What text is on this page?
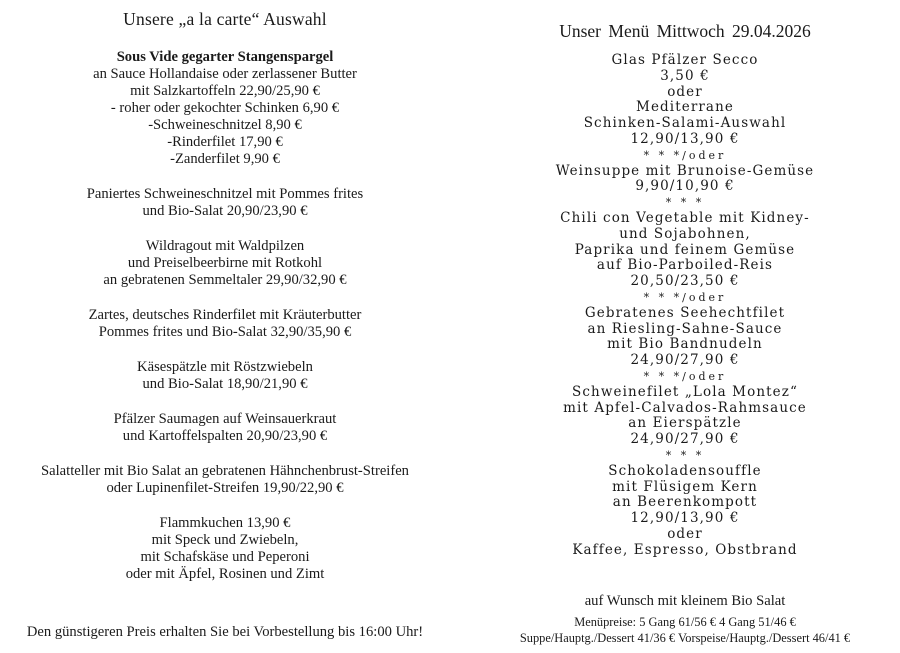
Unsere „a la carte“ Auswahl
Sous Vide gegarter Stangenspargel
an Sauce Hollandaise oder zerlassener Butter
mit Salzkartoffeln 22,90/25,90 €
- roher oder gekochter Schinken 6,90 €
-Schweineschnitzel 8,90 €
-Rinderfilet 17,90 €
-Zanderfilet 9,90 €
Paniertes Schweineschnitzel mit Pommes frites
und Bio-Salat 20,90/23,90 €
Wildragout mit Waldpilzen
und Preiselbeerbirne mit Rotkohl
an gebratenen Semmeltaler 29,90/32,90 €
Zartes, deutsches Rinderfilet mit Kräuterbutter
Pommes frites und Bio-Salat 32,90/35,90 €
Käsespätzle mit Röstzwiebeln
und Bio-Salat 18,90/21,90 €
Pfälzer Saumagen auf Weinsauerkraut
und Kartoffelspalten 20,90/23,90 €
Salatteller mit Bio Salat an gebratenen Hähnchenbrust-Streifen
oder Lupinenfilet-Streifen 19,90/22,90 €
Flammkuchen 13,90 €
mit Speck und Zwiebeln,
mit Schafskäse und Peperoni
oder mit Äpfel, Rosinen und Zimt
Den günstigeren Preis erhalten Sie bei Vorbestellung bis 16:00 Uhr!
Unser Menü Mittwoch 29.04.2026
Glas Pfälzer Secco
3,50 €
oder
Mediterrane
Schinken-Salami-Auswahl
12,90/13,90 €
* * */oder
Weinsuppe mit Brunoise-Gemüse
9,90/10,90 €
* * *
Chili con Vegetable mit Kidney-
und Sojabohnen,
Paprika und feinem Gemüse
auf Bio-Parboiled-Reis
20,50/23,50 €
* * */oder
Gebratenes Seehechtfilet
an Riesling-Sahne-Sauce
mit Bio Bandnudeln
24,90/27,90 €
* * */oder
Schweinefilet „Lola Montez“
mit Apfel-Calvados-Rahmsauce
an Eierspätzle
24,90/27,90 €
* * *
Schokoladensouffle
mit Flüsigem Kern
an Beerenkompott
12,90/13,90 €
oder
Kaffee, Espresso, Obstbrand
auf Wunsch mit kleinem Bio Salat
Menüpreise: 5 Gang 61/56 € 4 Gang 51/46 €
Suppe/Hauptg./Dessert 41/36 € Vorspeise/Hauptg./Dessert 46/41 €
